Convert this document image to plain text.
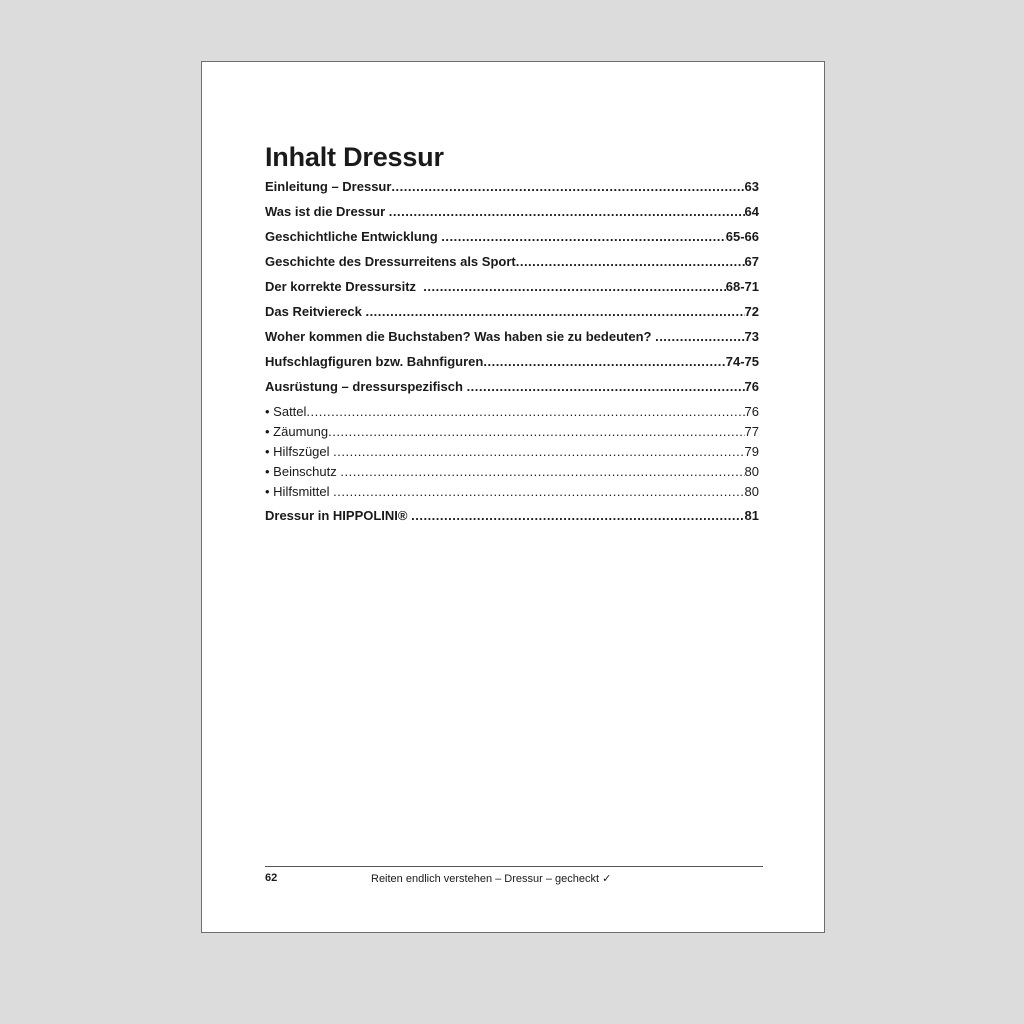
Inhalt Dressur
Einleitung – Dressur .....	63
Was ist die Dressur .....	64
Geschichtliche Entwicklung .....	65-66
Geschichte des Dressurreitens als Sport .....	67
Der korrekte Dressursitz .....	68-71
Das Reitviereck .....	72
Woher kommen die Buchstaben? Was haben sie zu bedeuten? .....	73
Hufschlagfiguren bzw. Bahnfiguren .....	74-75
Ausrüstung – dressurspezifisch .....	76
• Sattel .....	76
• Zäumung .....	77
• Hilfszügel .....	79
• Beinschutz .....	80
• Hilfsmittel .....	80
Dressur in HIPPOLINI® .....	81
62	Reiten endlich verstehen – Dressur – gecheckt ✓
